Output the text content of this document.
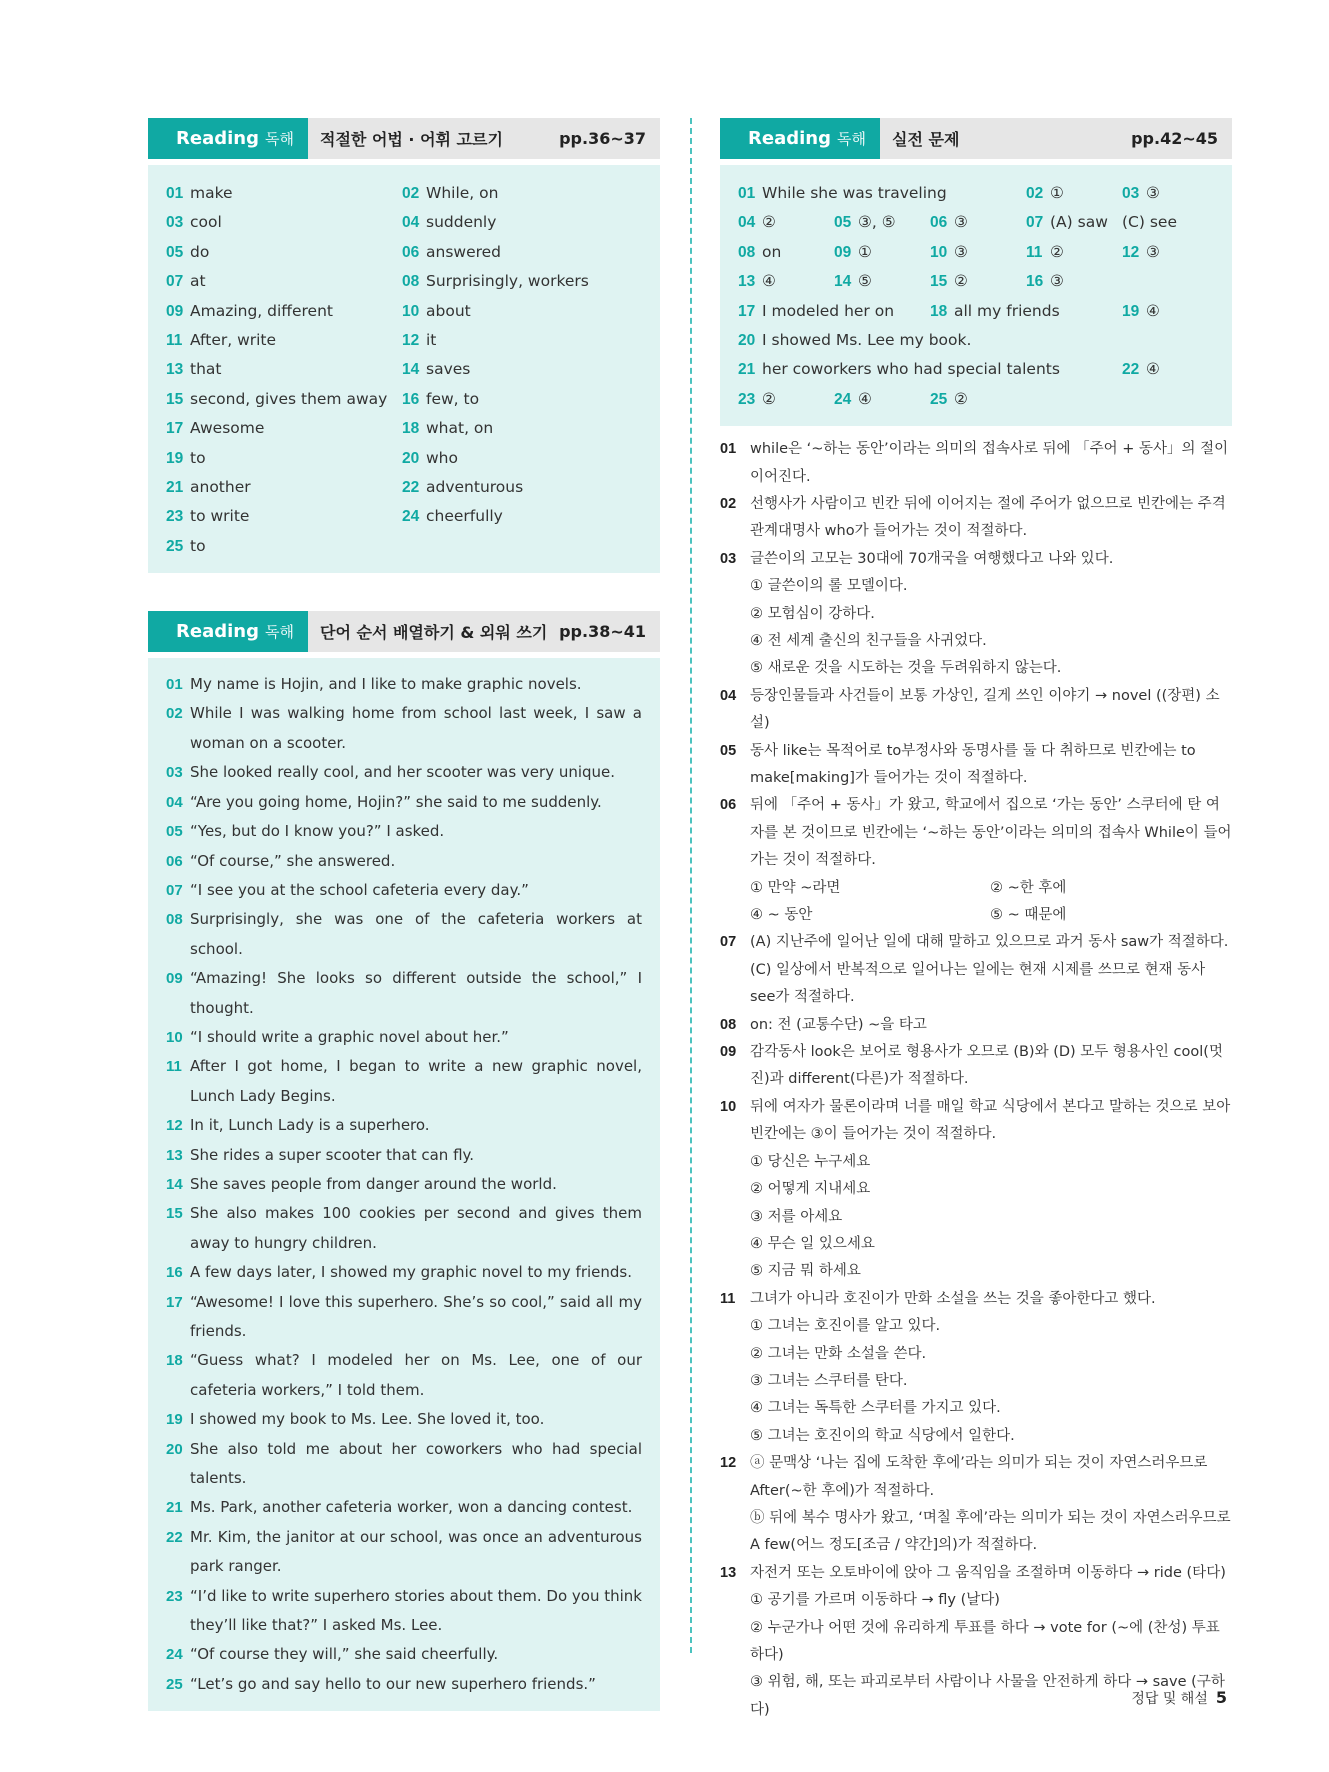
Reading 독해 적절한 어법 · 어휘 고르기	pp.36~37
01 make	02 While, on
03 cool	04 suddenly
05 do	06 answered
07 at	08 Surprisingly, workers
09 Amazing, different	10 about
11 After, write	12 it
13 that	14 saves
15 second, gives them away 16 few, to
17 Awesome	18 what, on
19 to	20 who
21 another	22 adventurous
23 to write	24 cheerfully
25 to
Reading 독해 단어 순서 배열하기 & 외워 쓰기 pp.38~41
01 My name is Hojin, and I like to make graphic novels.
02 While I was walking home from school last week, I saw a woman on a scooter.
03 She looked really cool, and her scooter was very unique.
04 “Are you going home, Hojin?” she said to me suddenly.
05 “Yes, but do I know you?” I asked.
06 “Of course,” she answered.
07 “I see you at the school cafeteria every day.”
08 Surprisingly, she was one of the cafeteria workers at school.
09 “Amazing! She looks so different outside the school,” I thought.
10 “I should write a graphic novel about her.”
11 After I got home, I began to write a new graphic novel, Lunch Lady Begins.
12 In it, Lunch Lady is a superhero.
13 She rides a super scooter that can fly.
14 She saves people from danger around the world.
15 She also makes 100 cookies per second and gives them away to hungry children.
16 A few days later, I showed my graphic novel to my friends.
17 “Awesome! I love this superhero. She’s so cool,” said all my friends.
18 “Guess what? I modeled her on Ms. Lee, one of our cafeteria workers,” I told them.
19 I showed my book to Ms. Lee. She loved it, too.
20 She also told me about her coworkers who had special talents.
21 Ms. Park, another cafeteria worker, won a dancing contest.
22 Mr. Kim, the janitor at our school, was once an adventurous park ranger.
23 “I’d like to write superhero stories about them. Do you think they’ll like that?” I asked Ms. Lee.
24 “Of course they will,” she said cheerfully.
25 “Let’s go and say hello to our new superhero friends.”
Reading 독해 실전 문제	pp.42~45
01 While she was traveling	02 ①	03 ③
04 ②	05 ③, ⑤	06 ③	07 (A) saw (C) see
08 on	09 ①	10 ③	11 ②	12 ③
13 ④	14 ⑤	15 ②	16 ③
17 I modeled her on 18 all my friends	19 ④
20 I showed Ms. Lee my book.
21 her coworkers who had special talents	22 ④
23 ②	24 ④	25 ②
01 while은 ‘~하는 동안’이라는 의미의 접속사로 뒤에 「주어 + 동사」의 절이 이어진다.
02 선행사가 사람이고 빈칸 뒤에 이어지는 절에 주어가 없으므로 빈칸에는 주격 관계대명사 who가 들어가는 것이 적절하다.
03 글쓴이의 고모는 30대에 70개국을 여행했다고 나와 있다.
① 글쓴이의 롤 모델이다.
② 모험심이 강하다.
④ 전 세계 출신의 친구들을 사귀었다.
⑤ 새로운 것을 시도하는 것을 두려워하지 않는다.
04 등장인물들과 사건들이 보통 가상인, 길게 쓰인 이야기 → novel ((장편) 소설)
05 동사 like는 목적어로 to부정사와 동명사를 둘 다 취하므로 빈칸에는 to make[making]가 들어가는 것이 적절하다.
06 뒤에 「주어 + 동사」가 왔고, 학교에서 집으로 ‘가는 동안’ 스쿠터에 탄 여자를 본 것이므로 빈칸에는 ‘~하는 동안’이라는 의미의 접속사 While이 들어가는 것이 적절하다.
① 만약 ~라면	② ~한 후에
④ ~ 동안	⑤ ~ 때문에
07 (A) 지난주에 일어난 일에 대해 말하고 있으므로 과거 동사 saw가 적절하다.
(C) 일상에서 반복적으로 일어나는 일에는 현재 시제를 쓰므로 현재 동사 see가 적절하다.
08 on: 전 (교통수단) ~을 타고
09 감각동사 look은 보어로 형용사가 오므로 (B)와 (D) 모두 형용사인 cool(멋진)과 different(다른)가 적절하다.
10 뒤에 여자가 물론이라며 너를 매일 학교 식당에서 본다고 말하는 것으로 보아 빈칸에는 ③이 들어가는 것이 적절하다.
① 당신은 누구세요
② 어떻게 지내세요
③ 저를 아세요
④ 무슨 일 있으세요
⑤ 지금 뭐 하세요
11	그녀가 아니라 호진이가 만화 소설을 쓰는 것을 좋아한다고 했다.
① 그녀는 호진이를 알고 있다.
② 그녀는 만화 소설을 쓴다.
③ 그녀는 스쿠터를 탄다.
④ 그녀는 독특한 스쿠터를 가지고 있다.
⑤ 그녀는 호진이의 학교 식당에서 일한다.
12 ⓐ 문맥상 ‘나는 집에 도착한 후에’라는 의미가 되는 것이 자연스러우므로 After(~한 후에)가 적절하다.
ⓑ 뒤에 복수 명사가 왔고, ‘며칠 후에’라는 의미가 되는 것이 자연스러우므로 A few(어느 정도[조금 / 약간]의)가 적절하다.
13 자전거 또는 오토바이에 앉아 그 움직임을 조절하며 이동하다 → ride (타다)
① 공기를 가르며 이동하다 → fly (날다)
② 누군가나 어떤 것에 유리하게 투표를 하다 → vote for (~에 (찬성) 투표하다)
③ 위험, 해, 또는 파괴로부터 사람이나 사물을 안전하게 하다 → save (구하다)
정답 및 해설 5
